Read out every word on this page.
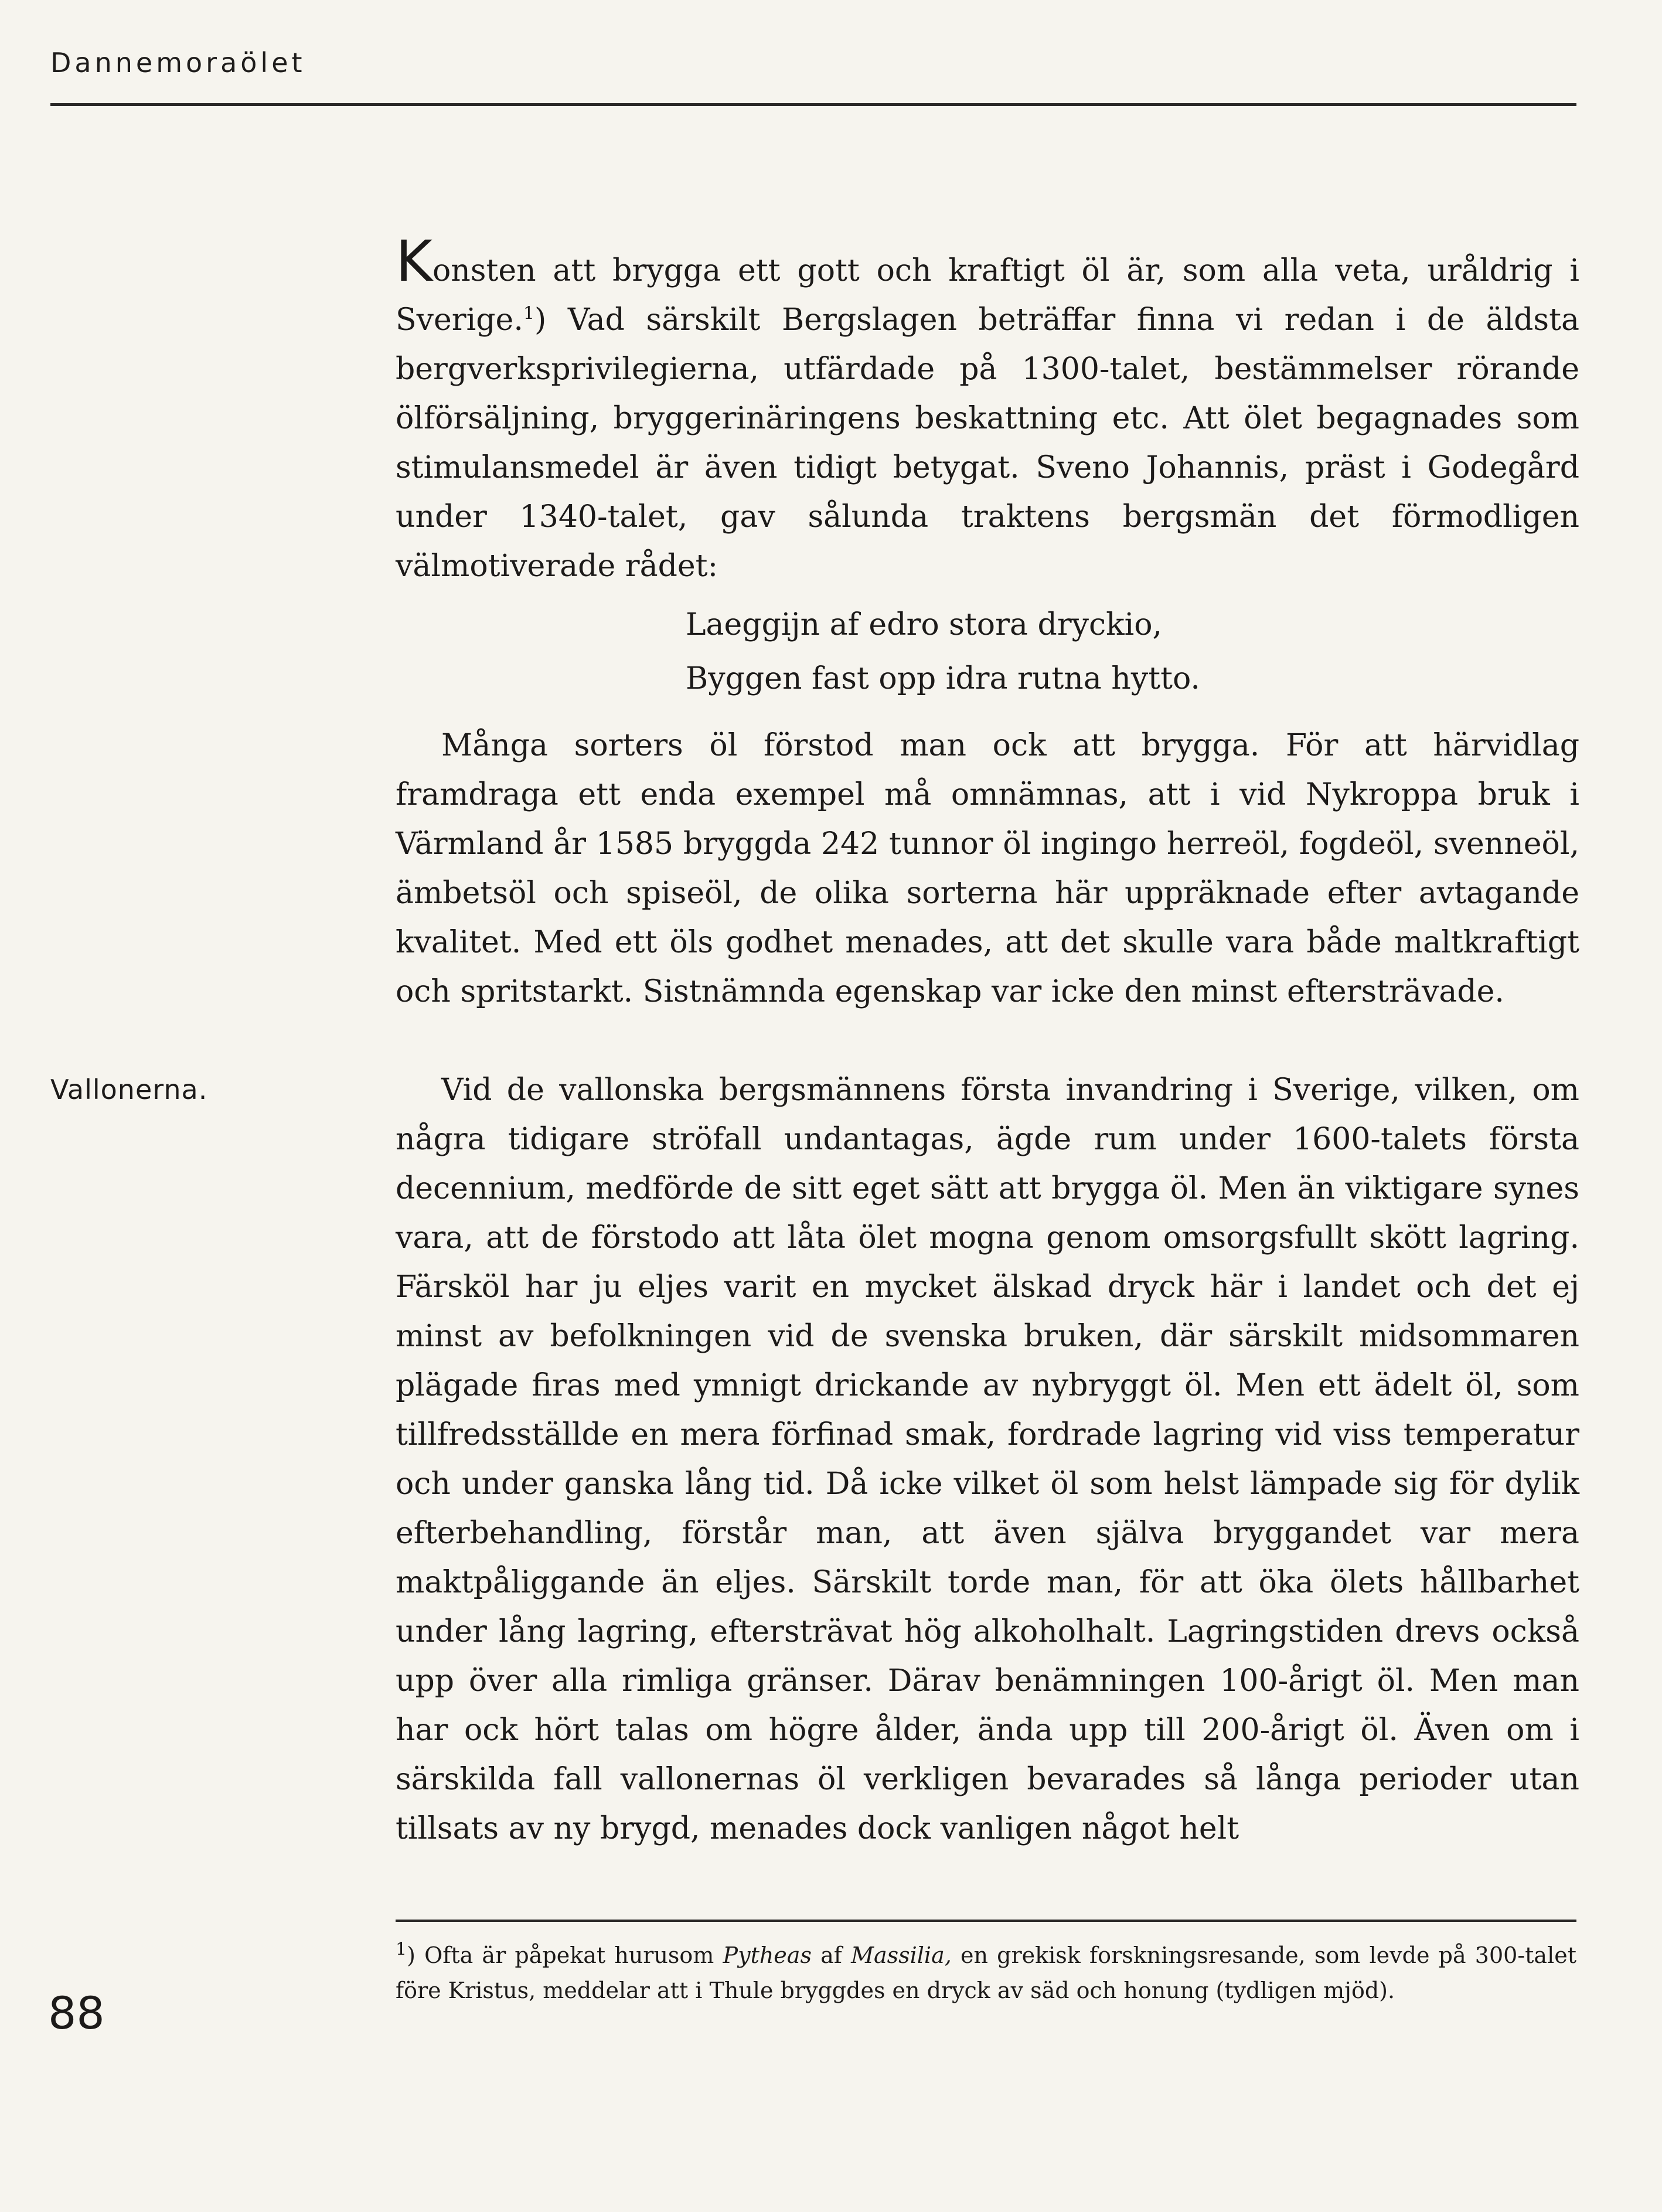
Dannemoraölet

Konsten att brygga ett gott och kraftigt öl är, som alla veta, uråldrig i Sverige.$^1$) Vad särskilt Bergslagen beträffar finna vi redan i de äldsta bergverksprivilegierna, utfärdade på 1300-talet, bestämmelser rörande ölförsäljning, bryggerinäringens beskattning etc. Att ölet begagnades som stimulansmedel är även tidigt betygat. Sveno Johannis, präst i Godegård under 1340-talet, gav sålunda traktens bergsmän det förmodligen välmotiverade rådet:

Laeggijn af edro stora dryckio,
Byggen fast opp idra rutna hytto.

Många sorters öl förstod man ock att brygga. För att härvidlag framdraga ett enda exempel må omnämnas, att i vid Nykroppa bruk i Värmland år 1585 bryggda 242 tunnor öl ingingo herreöl, fogdeöl, svenneöl, ämbetsöl och spiseöl, de olika sorterna här uppräknade efter avtagande kvalitet. Med ett öls godhet menades, att det skulle vara både maltkraftigt och spritstarkt. Sistnämnda egenskap var icke den minst eftersträvade.

Vallonerna.	Vid de vallonska bergsmännens första invandring i Sverige, vilken, om några tidigare ströfall undantagas, ägde rum under 1600-talets första decennium, medförde de sitt eget sätt att brygga öl. Men än viktigare synes vara, att de förstodo att låta ölet mogna genom omsorgsfullt skött lagring. Färsköl har ju eljes varit en mycket älskad dryck här i landet och det ej minst av befolkningen vid de svenska bruken, där särskilt midsommaren plägade firas med ymnigt drickande av nybryggt öl. Men ett ädelt öl, som tillfredsställde en mera förfinad smak, fordrade lagring vid viss temperatur och under ganska lång tid. Då icke vilket öl som helst lämpade sig för dylik efterbehandling, förstår man, att även själva bryggandet var mera maktpåliggande än eljes. Särskilt torde man, för att öka ölets hållbarhet under lång lagring, eftersträvat hög alkoholhalt. Lagringstiden drevs också upp över alla rimliga gränser. Därav benämningen 100-årigt öl. Men man har ock hört talas om högre ålder, ända upp till 200-årigt öl. Även om i särskilda fall vallonernas öl verkligen bevarades så långa perioder utan tillsats av ny brygd, menades dock vanligen något helt

$^1$) Ofta är påpekat hurusom Pytheas af Massilia, en grekisk forskningsresande, som levde på 300-talet före Kristus, meddelar att i Thule bryggdes en dryck av säd och honung (tydligen mjöd).
88
